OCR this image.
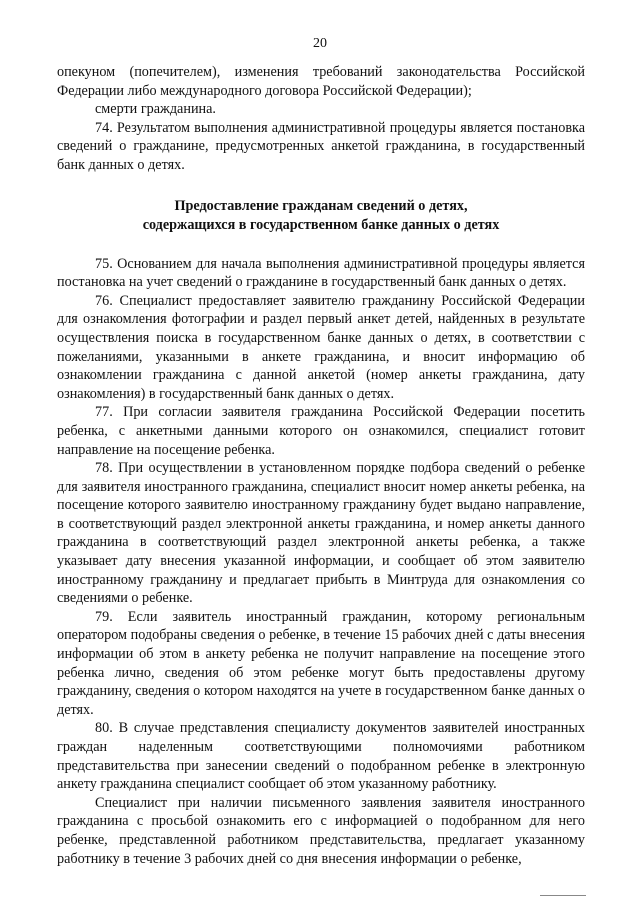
20

опекуном (попечителем), изменения требований законодательства Российской Федерации либо международного договора Российской Федерации);

смерти гражданина.

74. Результатом выполнения административной процедуры является постановка сведений о гражданине, предусмотренных анкетой гражданина, в государственный банк данных о детях.

Предоставление гражданам сведений о детях,
содержащихся в государственном банке данных о детях

75. Основанием для начала выполнения административной процедуры является постановка на учет сведений о гражданине в государственный банк данных о детях.

76. Специалист предоставляет заявителю гражданину Российской Федерации для ознакомления фотографии и раздел первый анкет детей, найденных в результате осуществления поиска в государственном банке данных о детях, в соответствии с пожеланиями, указанными в анкете гражданина, и вносит информацию об ознакомлении гражданина с данной анкетой (номер анкеты гражданина, дату ознакомления) в государственный банк данных о детях.

77. При согласии заявителя гражданина Российской Федерации посетить ребенка, с анкетными данными которого он ознакомился, специалист готовит направление на посещение ребенка.

78. При осуществлении в установленном порядке подбора сведений о ребенке для заявителя иностранного гражданина, специалист вносит номер анкеты ребенка, на посещение которого заявителю иностранному гражданину будет выдано направление, в соответствующий раздел электронной анкеты гражданина, и номер анкеты данного гражданина в соответствующий раздел электронной анкеты ребенка, а также указывает дату внесения указанной информации, и сообщает об этом заявителю иностранному гражданину и предлагает прибыть в Минтруда для ознакомления со сведениями о ребенке.

79. Если заявитель иностранный гражданин, которому региональным оператором подобраны сведения о ребенке, в течение 15 рабочих дней с даты внесения информации об этом в анкету ребенка не получит направление на посещение этого ребенка лично, сведения об этом ребенке могут быть предоставлены другому гражданину, сведения о котором находятся на учете в государственном банке данных о детях.

80. В случае представления специалисту документов заявителей иностранных граждан наделенным соответствующими полномочиями работником представительства при занесении сведений о подобранном ребенке в электронную анкету гражданина специалист сообщает об этом указанному работнику.

Специалист при наличии письменного заявления заявителя иностранного гражданина с просьбой ознакомить его с информацией о подобранном для него ребенке, представленной работником представительства, предлагает указанному работнику в течение 3 рабочих дней со дня внесения информации о ребенке,
